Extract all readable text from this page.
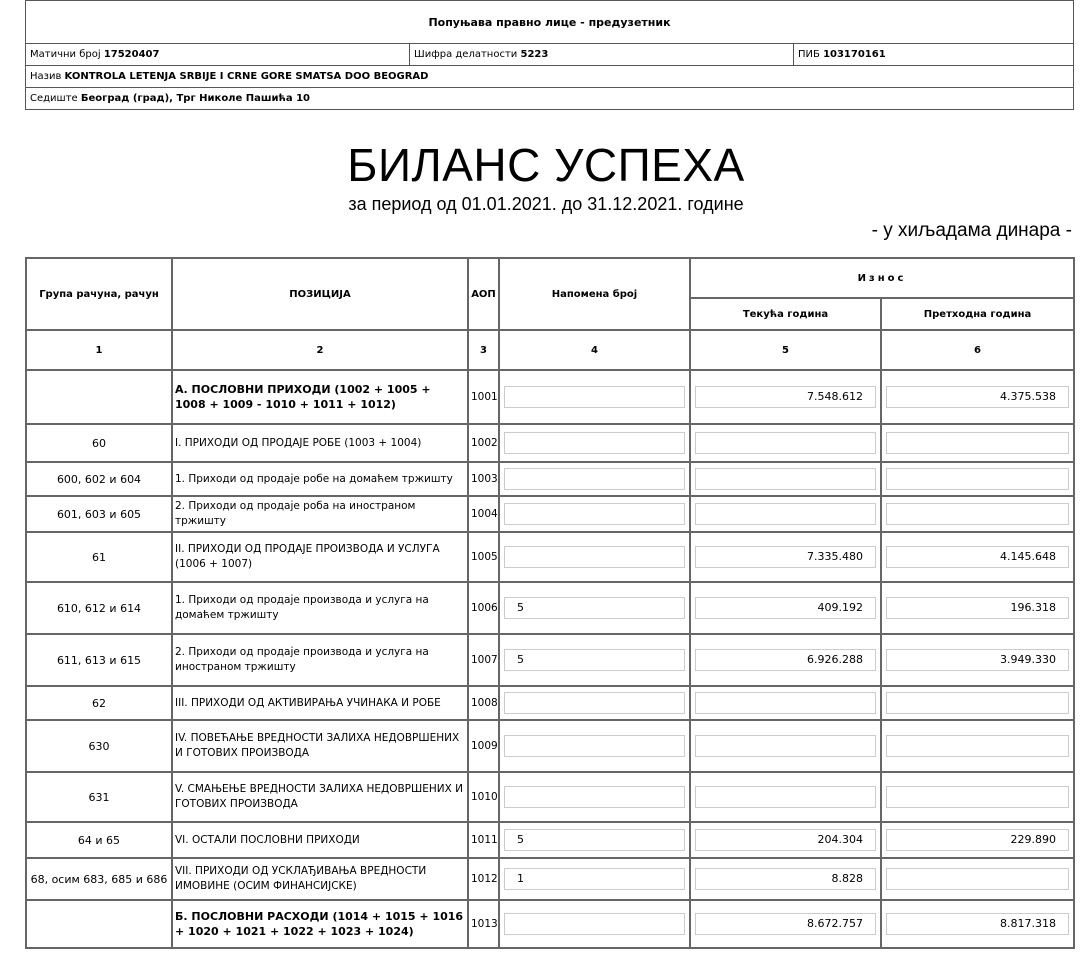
Попуњава правно лице - предузетник
Матични број 17520407	Шифра делатности 5223	ПИБ 103170161
Назив KONTROLA LETENJA SRBIJE I CRNE GORE SMATSA DOO BEOGRAD
Седиште Београд (град), Трг Николе Пашића 10
БИЛАНС УСПЕХА
за период од 01.01.2021. до 31.12.2021. године
- у хиљадама динара -
Група рачуна, рачун	ПОЗИЦИЈА	АОП	Напомена број	Износ	
				Текућа година	Претходна година
1	2	3	4	5	6
	А. ПОСЛОВНИ ПРИХОДИ (1002 + 1005 + 1008 + 1009 - 1010 + 1011 + 1012)	1001		7.548.612	4.375.538

60	I. ПРИХОДИ ОД ПРОДАЈЕ РОБЕ (1003 + 1004)	1002	

600, 602 и 604	1. Приходи од продаје робе на домаћем тржишту	1003	

601, 603 и 605	2. Приходи од продаје роба на иностраном тржишту	1004	

61	II. ПРИХОДИ ОД ПРОДАЈЕ ПРОИЗВОДА И УСЛУГА (1006 + 1007)	1005		7.335.480	4.145.648

610, 612 и 614	1. Приходи од продаје производа и услуга на домаћем тржишту	1006	5	409.192	196.318

611, 613 и 615	2. Приходи од продаје производа и услуга на иностраном тржишту	1007	5	6.926.288	3.949.330

62	III. ПРИХОДИ ОД АКТИВИРАЊА УЧИНАКА И РОБЕ	1008	

630	IV. ПОВЕЋАЊЕ ВРЕДНОСТИ ЗАЛИХА НЕДОВРШЕНИХ И ГОТОВИХ ПРОИЗВОДА	1009	

631	V. СМАЊЕЊЕ ВРЕДНОСТИ ЗАЛИХА НЕДОВРШЕНИХ И ГОТОВИХ ПРОИЗВОДА	1010	

64 и 65	VI. ОСТАЛИ ПОСЛОВНИ ПРИХОДИ	1011	5	204.304	229.890

68, осим 683, 685 и 686	VII. ПРИХОДИ ОД УСКЛАЂИВАЊА ВРЕДНОСТИ ИМОВИНЕ (ОСИМ ФИНАНСИЈСКЕ)	1012	1	8.828	

	Б. ПОСЛОВНИ РАСХОДИ (1014 + 1015 + 1016 + 1020 + 1021 + 1022 + 1023 + 1024)	1013		8.672.757	8.817.318
